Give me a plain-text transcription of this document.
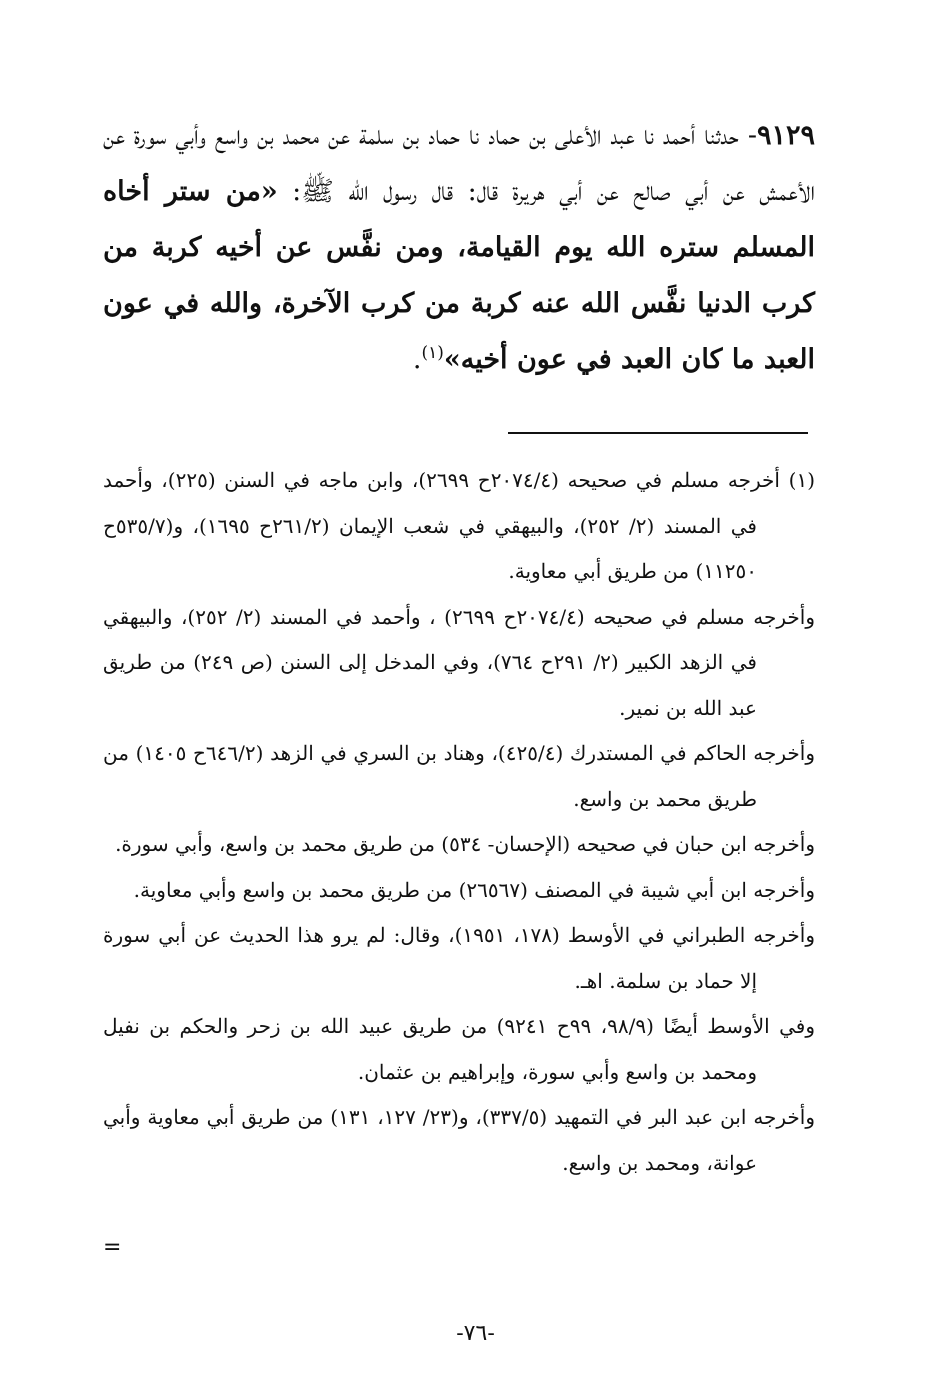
٩١٢٩- حدثنا أحمد نا عبد الأعلى بن حماد نا حماد بن سلمة عن محمد بن واسع وأبي سورة عن الأعمش عن أبي صالح عن أبي هريرة قال: قال رسول الله ﷺ: «من ستر أخاه المسلم ستره الله يوم القيامة، ومن نفَّس عن أخيه كربة من كرب الدنيا نفَّس الله عنه كربة من كرب الآخرة، والله في عون العبد ما كان العبد في عون أخيه»$^{(١)}$.

(١) أخرجه مسلم في صحيحه (٢٠٧٤/٤ح ٢٦٩٩)، وابن ماجه في السنن (٢٢٥)، وأحمد في المسند (٢/ ٢٥٢)، والبيهقي في شعب الإيمان (٢٦١/٢ح ١٦٩٥)، و(٥٣٥/٧ح ١١٢٥٠) من طريق أبي معاوية.

وأخرجه مسلم في صحيحه (٢٠٧٤/٤ح ٢٦٩٩) ، وأحمد في المسند (٢/ ٢٥٢)، والبيهقي في الزهد الكبير (٢/ ٢٩١ح ٧٦٤)، وفي المدخل إلى السنن (ص ٢٤٩) من طريق عبد الله بن نمير.

وأخرجه الحاكم في المستدرك (٤٢٥/٤)، وهناد بن السري في الزهد (٦٤٦/٢ح ١٤٠٥) من طريق محمد بن واسع.

وأخرجه ابن حبان في صحيحه (الإحسان- ٥٣٤) من طريق محمد بن واسع، وأبي سورة.

وأخرجه ابن أبي شيبة في المصنف (٢٦٥٦٧) من طريق محمد بن واسع وأبي معاوية.

وأخرجه الطبراني في الأوسط (١٧٨، ١٩٥١)، وقال: لم يرو هذا الحديث عن أبي سورة إلا حماد بن سلمة. اهـ.

وفي الأوسط أيضًا (٩٨/٩، ٩٩ح ٩٢٤١) من طريق عبيد الله بن زحر والحكم بن نفيل ومحمد بن واسع وأبي سورة، وإبراهيم بن عثمان.

وأخرجه ابن عبد البر في التمهيد (٣٣٧/٥)، و(٢٣/ ١٢٧، ١٣١) من طريق أبي معاوية وأبي عوانة، ومحمد بن واسع.

=
-٧٦-
